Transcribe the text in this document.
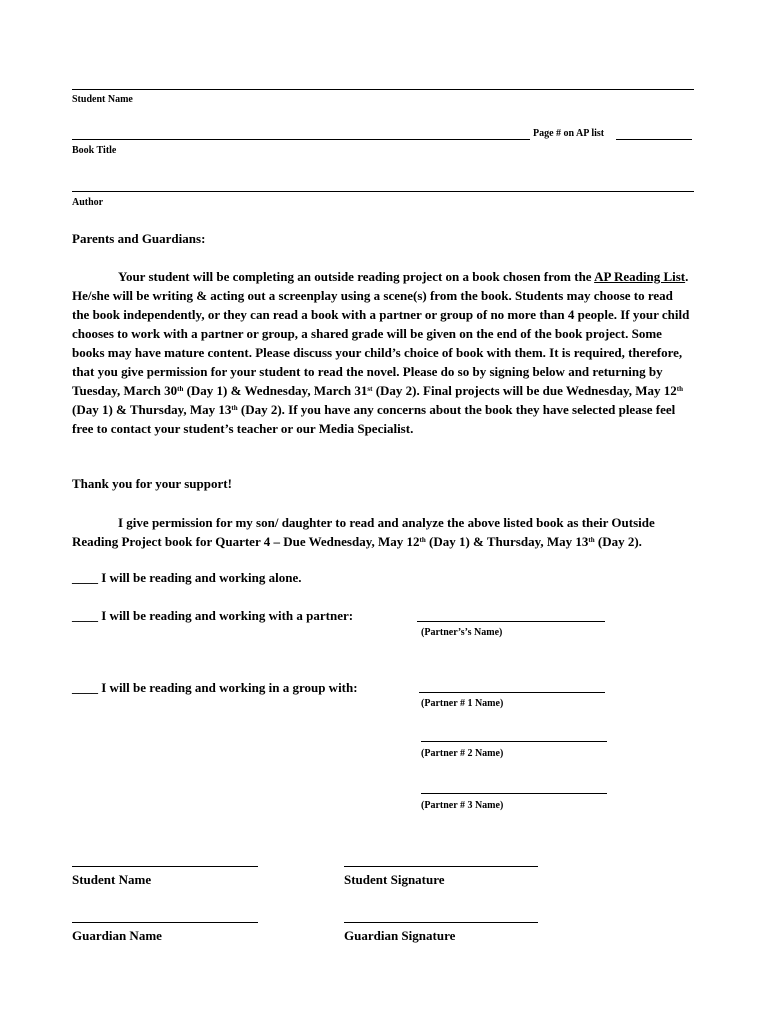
Student Name
Page # on AP list
Book Title
Author
Parents and Guardians:
Your student will be completing an outside reading project on a book chosen from the AP Reading List. He/she will be writing & acting out a screenplay using a scene(s) from the book. Students may choose to read the book independently, or they can read a book with a partner or group of no more than 4 people. If your child chooses to work with a partner or group, a shared grade will be given on the end of the book project. Some books may have mature content. Please discuss your child’s choice of book with them. It is required, therefore, that you give permission for your student to read the novel. Please do so by signing below and returning by Tuesday, March 30th (Day 1) & Wednesday, March 31st (Day 2). Final projects will be due Wednesday, May 12th (Day 1) & Thursday, May 13th (Day 2). If you have any concerns about the book they have selected please feel free to contact your student’s teacher or our Media Specialist.
Thank you for your support!
I give permission for my son/ daughter to read and analyze the above listed book as their Outside Reading Project book for Quarter 4 – Due Wednesday, May 12th (Day 1) & Thursday, May 13th (Day 2).
____ I will be reading and working alone.
____ I will be reading and working with a partner:
(Partner’s’s Name)
____ I will be reading and working in a group with:
(Partner # 1 Name)
(Partner # 2 Name)
(Partner # 3 Name)
Student Name	Student Signature
Guardian Name	Guardian Signature
